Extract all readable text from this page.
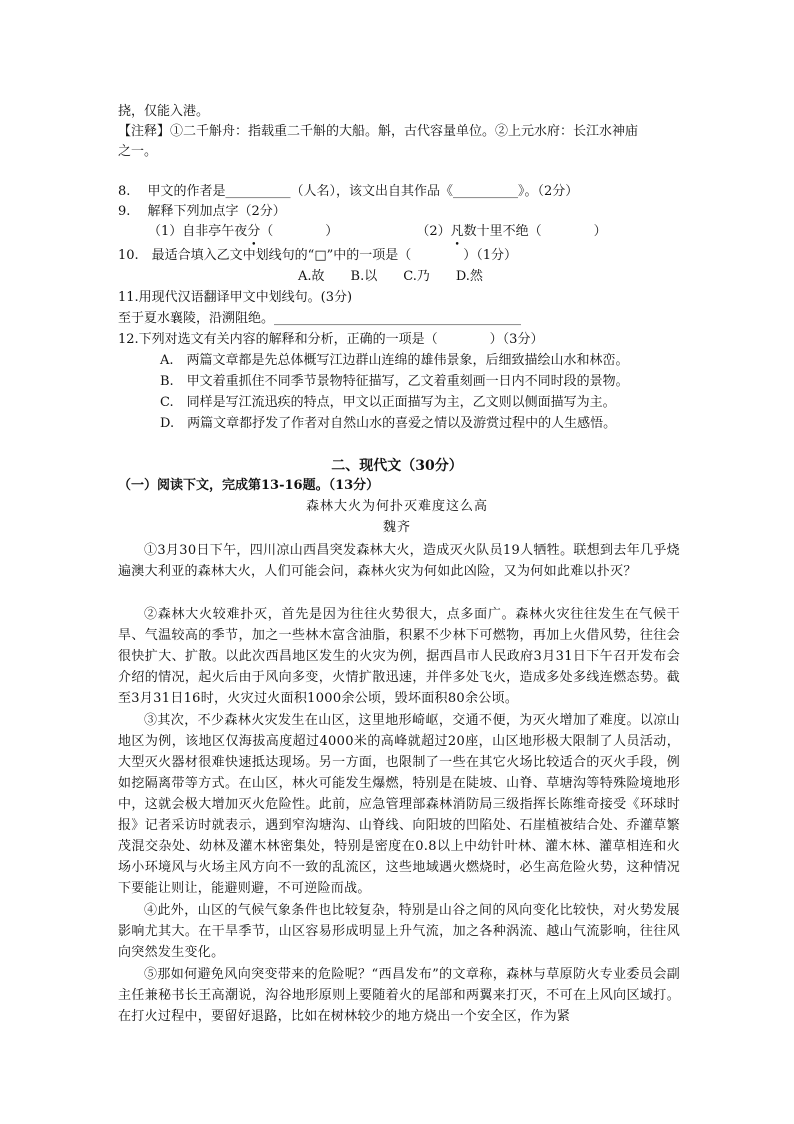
挠，仅能入港。
【注释】①二千斛舟：指载重二千斛的大船。斛，古代容量单位。②上元水府：长江水神庙
之一。
8.　 甲文的作者是__________（人名），该文出自其作品《__________》。（2分）
9.　 解释下列加点字（2分）
（1）自非亭午夜分（　　　　）	（2）凡数十里不绝（　　　　）
10.　最适合填入乙文中划线句的“□”中的一项是（　　　　）（1分）
A.故　　B.以　　C.乃　　D.然
11.用现代汉语翻译甲文中划线句。(3分)
至于夏水襄陵，沿溯阻绝。______________________________________
12.下列对选文有关内容的解释和分析，正确的一项是（　　　　）（3分）
A.　两篇文章都是先总体概写江边群山连绵的雄伟景象，后细致描绘山水和林峦。
B.　甲文着重抓住不同季节景物特征描写，乙文着重刻画一日内不同时段的景物。
C.　同样是写江流迅疾的特点，甲文以正面描写为主，乙文则以侧面描写为主。
D.　两篇文章都抒发了作者对自然山水的喜爱之情以及游赏过程中的人生感悟。
二、现代文（30分）
（一）阅读下文，完成第13-16题。（13分）
森林大火为何扑灭难度这么高
魏齐
①3月30日下午，四川凉山西昌突发森林大火，造成灭火队员19人牺牲。联想到去年几乎烧遍澳大利亚的森林大火，人们可能会问，森林火灾为何如此凶险，又为何如此难以扑灭？
②森林大火较难扑灭，首先是因为往往火势很大，点多面广。森林火灾往往发生在气候干旱、气温较高的季节，加之一些林木富含油脂，积累不少林下可燃物，再加上火借风势，往往会很快扩大、扩散。以此次西昌地区发生的火灾为例，据西昌市人民政府3月31日下午召开发布会介绍的情况，起火后由于风向多变，火情扩散迅速，并伴多处飞火，造成多处多线连燃态势。截至3月31日16时，火灾过火面积1000余公顷，毁坏面积80余公顷。
③其次，不少森林火灾发生在山区，这里地形崎岖，交通不便，为灭火增加了难度。以凉山地区为例，该地区仅海拔高度超过4000米的高峰就超过20座，山区地形极大限制了人员活动，大型灭火器材很难快速抵达现场。另一方面，也限制了一些在其它火场比较适合的灭火手段，例如挖隔离带等方式。在山区，林火可能发生爆燃，特别是在陡坡、山脊、草塘沟等特殊险境地形中，这就会极大增加灭火危险性。此前，应急管理部森林消防局三级指挥长陈维奇接受《环球时报》记者采访时就表示，遇到窄沟塘沟、山脊线、向阳坡的凹陷处、石崖植被结合处、乔灌草繁茂混交杂处、幼林及灌木林密集处，特别是密度在0.8以上中幼针叶林、灌木林、灌草相连和火场小环境风与火场主风方向不一致的乱流区，这些地域遇火燃烧时，必生高危险火势，这种情况下要能让则让，能避则避，不可逆险而战。
④此外，山区的气候气象条件也比较复杂，特别是山谷之间的风向变化比较快，对火势发展影响尤其大。在干旱季节，山区容易形成明显上升气流，加之各种涡流、越山气流影响，往往风向突然发生变化。
⑤那如何避免风向突变带来的危险呢？“西昌发布”的文章称，森林与草原防火专业委员会副主任兼秘书长王高潮说，沟谷地形原则上要随着火的尾部和两翼来打灭，不可在上风向区域打。在打火过程中，要留好退路，比如在树林较少的地方烧出一个安全区，作为紧
